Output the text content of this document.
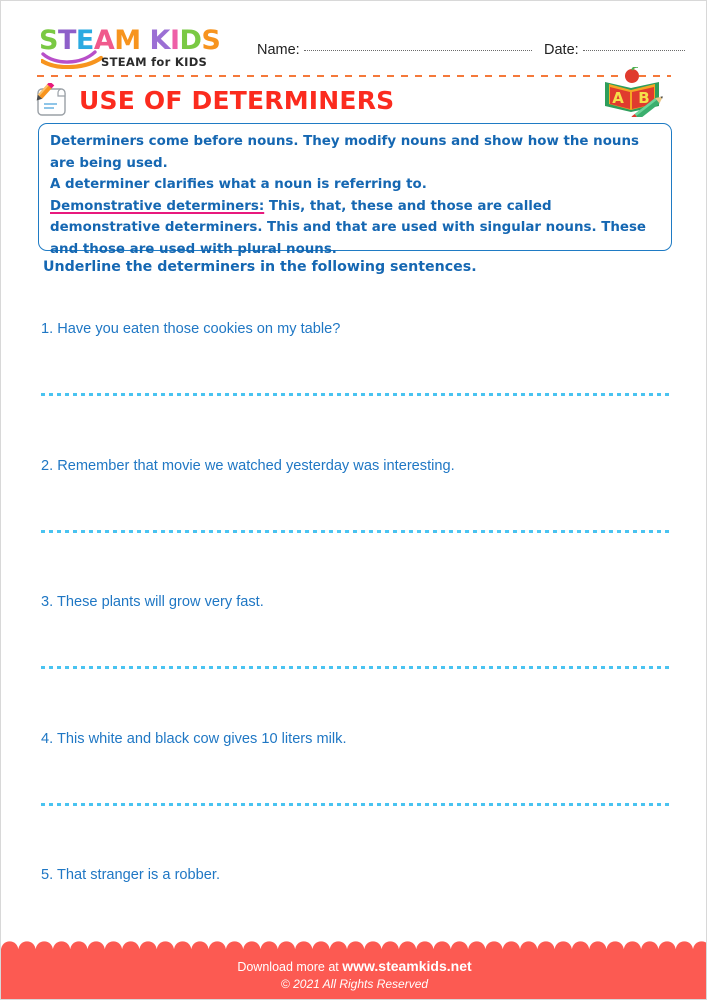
STEAM KIDS
STEAM for KIDS
Name:	Date:
USE OF DETERMINERS	A B
Determiners come before nouns. They modify nouns and show how the nouns
are being used.
A determiner clarifies what a noun is referring to.
Demonstrative determiners: This, that, these and those are called
demonstrative determiners. This and that are used with singular nouns. These
and those are used with plural nouns.
Underline the determiners in the following sentences.
1. Have you eaten those cookies on my table?
2. Remember that movie we watched yesterday was interesting.
3. These plants will grow very fast.
4. This white and black cow gives 10 liters milk.
5. That stranger is a robber.
Download more at www.steamkids.net
© 2021 All Rights Reserved
